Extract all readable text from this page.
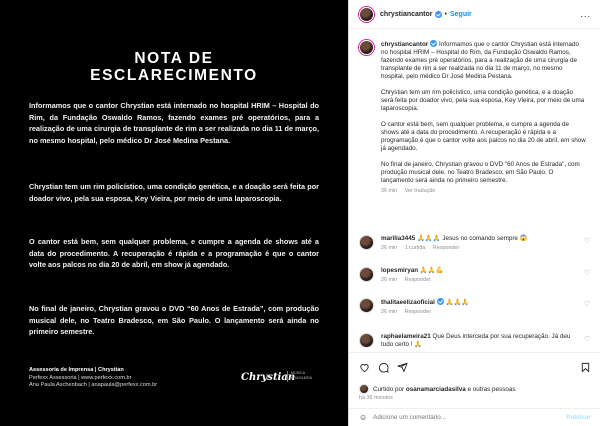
NOTA DE
ESCLARECIMENTO
Informamos que o cantor Chrystian está internado no hospital HRIM – Hospital do Rim, da Fundação Oswaldo Ramos, fazendo exames pré operatórios, para a realização de uma cirurgia de transplante de rim a ser realizada no dia 11 de março, no mesmo hospital, pelo médico Dr José Medina Pestana.
Chrystian tem um rim policístico, uma condição genética, e a doação será feita por doador vivo, pela sua esposa, Key Vieira, por meio de uma laparoscopia.
O cantor está bem, sem qualquer problema, e cumpre a agenda de shows até a data do procedimento. A recuperação é rápida e a programação é que o cantor volte aos palcos no dia 20 de abril, em show já agendado.
No final de janeiro, Chrystian gravou o DVD “60 Anos de Estrada”, com produção musical dele, no Teatro Bradesco, em São Paulo. O lançamento será ainda no primeiro semestre.
Assessoria de Imprensa | Chrystian
Perfexx Assessoria | www.perfexx.com.br
Ana Paula Aschenbach | anapaula@perfexx.com.br
Chrystian
MÚSICA BRASILEIRA
chrystiancantor • Seguir	...

chrystiancantor Informamos que o cantor Chrystian está internado no hospital HRIM – Hospital do Rim, da Fundação Oswaldo Ramos, fazendo exames pré operatórios, para a realização de uma cirurgia de transplante de rim a ser realizada no dia 11 de março, no mesmo hospital, pelo médico Dr José Medina Pestana.

Chrystian tem um rim policístico, uma condição genética, e a doação será feita por doador vivo, pela sua esposa, Key Vieira, por meio de uma laparoscopia.

O cantor está bem, sem qualquer problema, e cumpre a agenda de shows até a data do procedimento. A recuperação é rápida e a programação é que o cantor volte aos palcos no dia 20 de abril, em show já agendado.

No final de janeiro, Chrystian gravou o DVD "60 Anos de Estrada", com produção musical dele, no Teatro Bradesco, em São Paulo. O lançamento será ainda no primeiro semestre.

36 min Ver tradução
marilia3445 🙏🙏🙏 Jesus no comando sempre 😱
26 min 1 curtida Responder
♡
lopesmiryan 🙏🙏💪
26 min Responder
♡
thalitaeelizaoficial 🙏🙏🙏
26 min Responder
♡
raphaelameira21 Que Deus interceda por sua recuperação. Já deu tudo certo ! 🙏
♡
Curtido por
osanamarciadasilva
e outras pessoas
há 36 minutos
☺
Adicione um comentário...	Publicar
